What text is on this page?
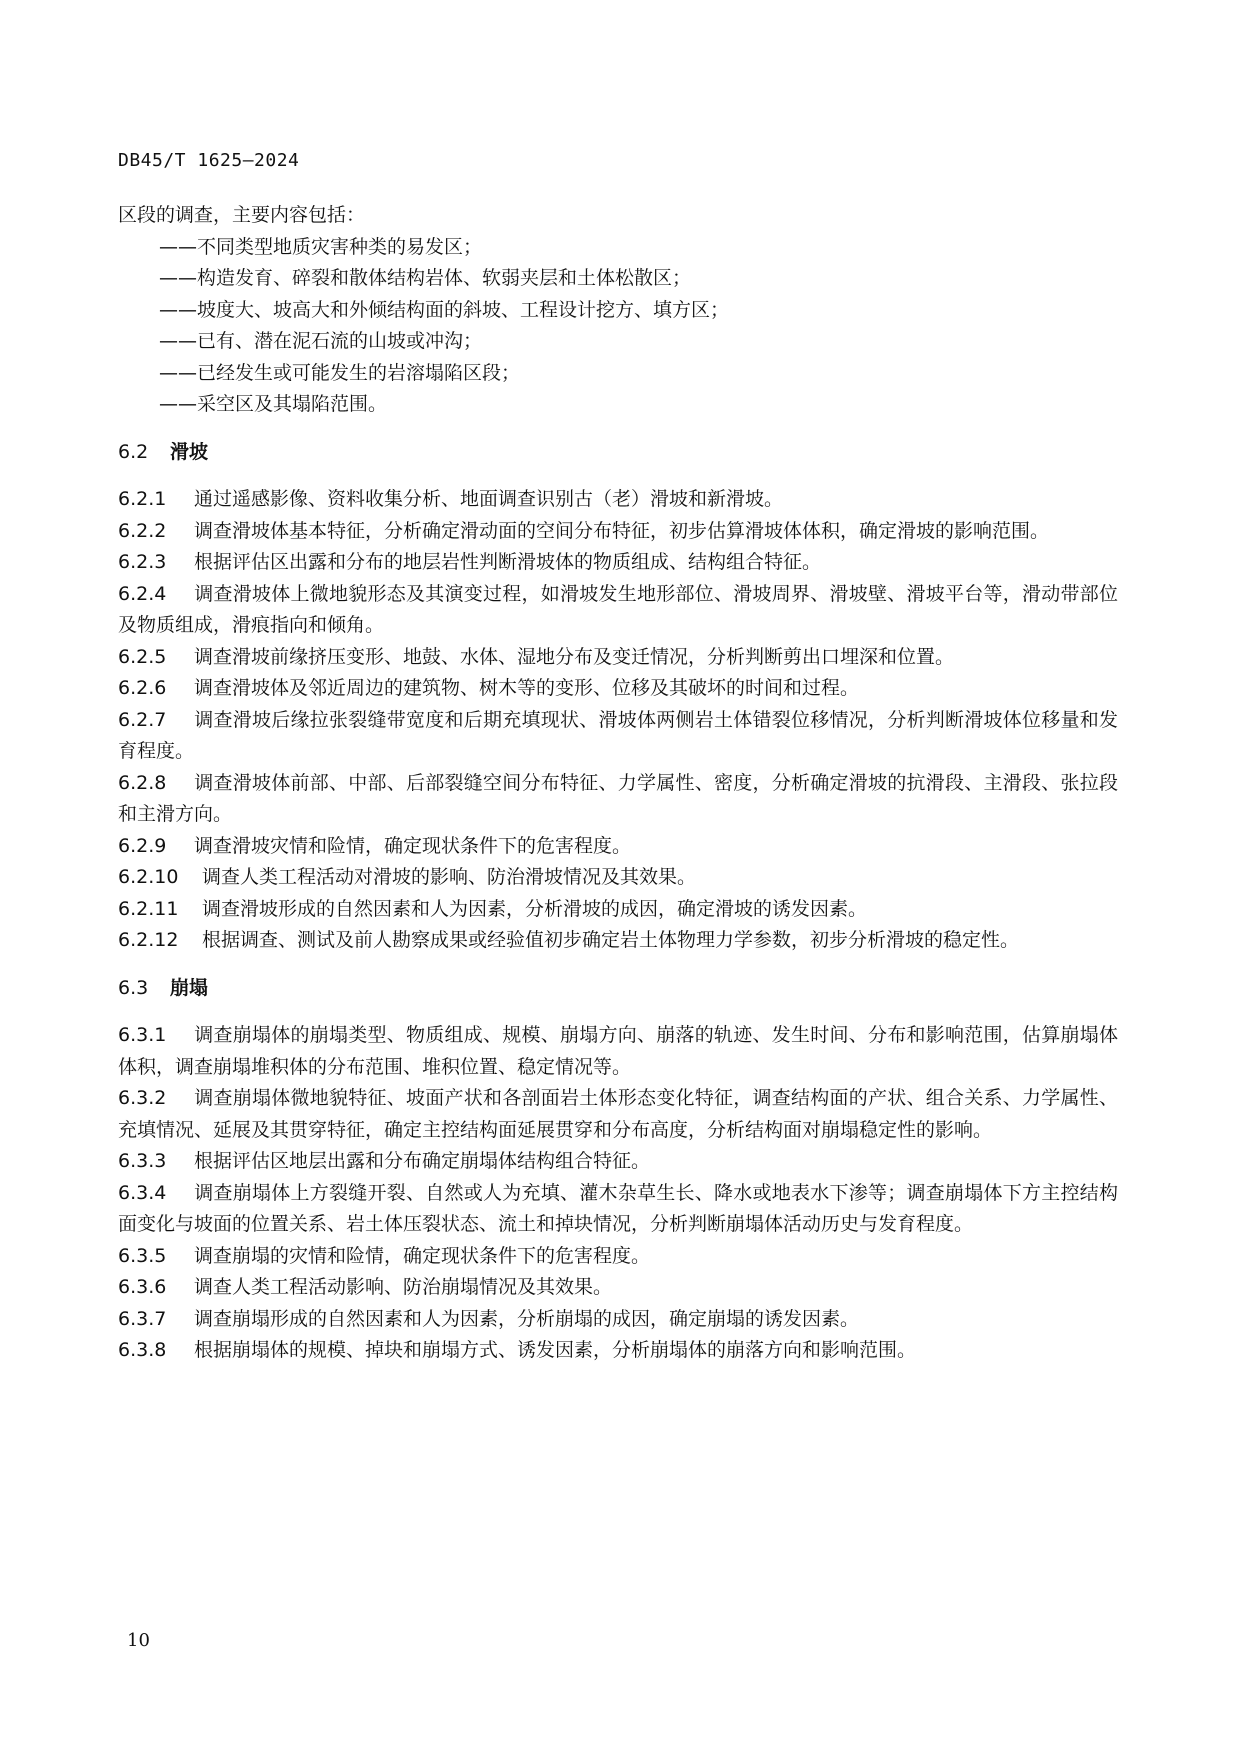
DB45/T 1625—2024

区段的调查，主要内容包括：

——不同类型地质灾害种类的易发区；

——构造发育、碎裂和散体结构岩体、软弱夹层和土体松散区；

——坡度大、坡高大和外倾结构面的斜坡、工程设计挖方、填方区；

——已有、潜在泥石流的山坡或冲沟；

——已经发生或可能发生的岩溶塌陷区段；

——采空区及其塌陷范围。

6.2 滑坡

6.2.1 通过遥感影像、资料收集分析、地面调查识别古（老）滑坡和新滑坡。

6.2.2 调查滑坡体基本特征，分析确定滑动面的空间分布特征，初步估算滑坡体体积，确定滑坡的影响范围。

6.2.3 根据评估区出露和分布的地层岩性判断滑坡体的物质组成、结构组合特征。

6.2.4 调查滑坡体上微地貌形态及其演变过程，如滑坡发生地形部位、滑坡周界、滑坡壁、滑坡平台等，滑动带部位及物质组成，滑痕指向和倾角。

6.2.5 调查滑坡前缘挤压变形、地鼓、水体、湿地分布及变迁情况，分析判断剪出口埋深和位置。

6.2.6 调查滑坡体及邻近周边的建筑物、树木等的变形、位移及其破坏的时间和过程。

6.2.7 调查滑坡后缘拉张裂缝带宽度和后期充填现状、滑坡体两侧岩土体错裂位移情况，分析判断滑坡体位移量和发育程度。

6.2.8 调查滑坡体前部、中部、后部裂缝空间分布特征、力学属性、密度，分析确定滑坡的抗滑段、主滑段、张拉段和主滑方向。

6.2.9 调查滑坡灾情和险情，确定现状条件下的危害程度。

6.2.10 调查人类工程活动对滑坡的影响、防治滑坡情况及其效果。

6.2.11 调查滑坡形成的自然因素和人为因素，分析滑坡的成因，确定滑坡的诱发因素。

6.2.12 根据调查、测试及前人勘察成果或经验值初步确定岩土体物理力学参数，初步分析滑坡的稳定性。

6.3 崩塌

6.3.1 调查崩塌体的崩塌类型、物质组成、规模、崩塌方向、崩落的轨迹、发生时间、分布和影响范围，估算崩塌体体积，调查崩塌堆积体的分布范围、堆积位置、稳定情况等。

6.3.2 调查崩塌体微地貌特征、坡面产状和各剖面岩土体形态变化特征，调查结构面的产状、组合关系、力学属性、充填情况、延展及其贯穿特征，确定主控结构面延展贯穿和分布高度，分析结构面对崩塌稳定性的影响。

6.3.3 根据评估区地层出露和分布确定崩塌体结构组合特征。

6.3.4 调查崩塌体上方裂缝开裂、自然或人为充填、灌木杂草生长、降水或地表水下渗等；调查崩塌体下方主控结构面变化与坡面的位置关系、岩土体压裂状态、流土和掉块情况，分析判断崩塌体活动历史与发育程度。

6.3.5 调查崩塌的灾情和险情，确定现状条件下的危害程度。

6.3.6 调查人类工程活动影响、防治崩塌情况及其效果。

6.3.7 调查崩塌形成的自然因素和人为因素，分析崩塌的成因，确定崩塌的诱发因素。

6.3.8 根据崩塌体的规模、掉块和崩塌方式、诱发因素，分析崩塌体的崩落方向和影响范围。

10
